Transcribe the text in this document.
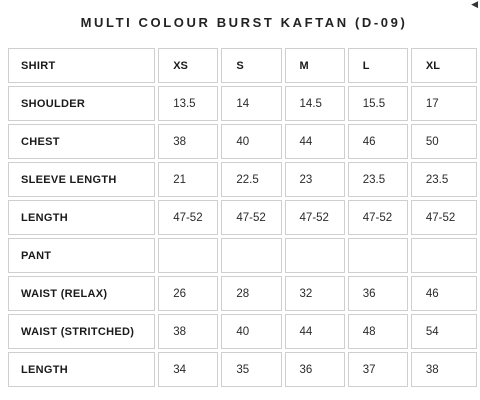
MULTI COLOUR BURST KAFTAN (D-09)
◀
SHIRT	XS	S	M	L	XL
SHOULDER	13.5	14	14.5	15.5	17
CHEST	38	40	44	46	50
SLEEVE LENGTH	21	22.5	23	23.5	23.5
LENGTH	47-52	47-52	47-52	47-52	47-52
PANT					
WAIST (RELAX)	26	28	32	36	46
WAIST (STRITCHED)	38	40	44	48	54
LENGTH	34	35	36	37	38
